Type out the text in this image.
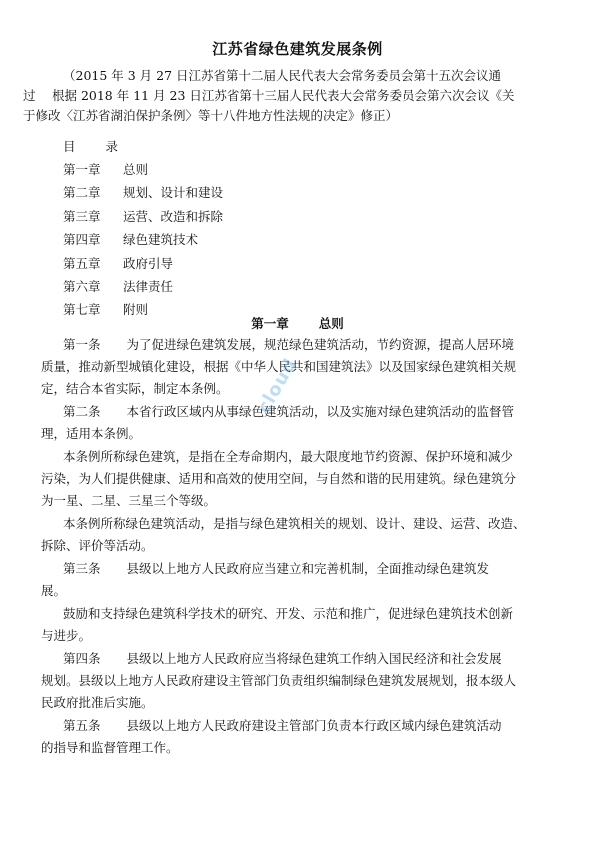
江苏省绿色建筑发展条例
（2015 年 3 月 27 日江苏省第十二届人民代表大会常务委员会第十五次会议通
过　 根据 2018 年 11 月 23 日江苏省第十三届人民代表大会常务委员会第六次会议《关
于修改〈江苏省湖泊保护条例〉等十八件地方性法规的决定》修正）
目 录
第一章 总则
第二章 规划、设计和建设
第三章 运营、改造和拆除
第四章 绿色建筑技术
第五章 政府引导
第六章 法律责任
第七章 附则
第一章 总则
第一条 为了促进绿色建筑发展，规范绿色建筑活动，节约资源，提高人居环境
质量，推动新型城镇化建设，根据《中华人民共和国建筑法》以及国家绿色建筑相关规
定，结合本省实际，制定本条例。
第二条 本省行政区域内从事绿色建筑活动，以及实施对绿色建筑活动的监督管
理，适用本条例。
本条例所称绿色建筑，是指在全寿命期内，最大限度地节约资源、保护环境和减少
污染，为人们提供健康、适用和高效的使用空间，与自然和谐的民用建筑。绿色建筑分
为一星、二星、三星三个等级。
本条例所称绿色建筑活动，是指与绿色建筑相关的规划、设计、建设、运营、改造、
拆除、评价等活动。
第三条 县级以上地方人民政府应当建立和完善机制，全面推动绿色建筑发
展。
鼓励和支持绿色建筑科学技术的研究、开发、示范和推广，促进绿色建筑技术创新
与进步。
第四条 县级以上地方人民政府应当将绿色建筑工作纳入国民经济和社会发展
规划。县级以上地方人民政府建设主管部门负责组织编制绿色建筑发展规划，报本级人
民政府批准后实施。
第五条 县级以上地方人民政府建设主管部门负责本行政区域内绿色建筑活动
的指导和监督管理工作。
cloud
